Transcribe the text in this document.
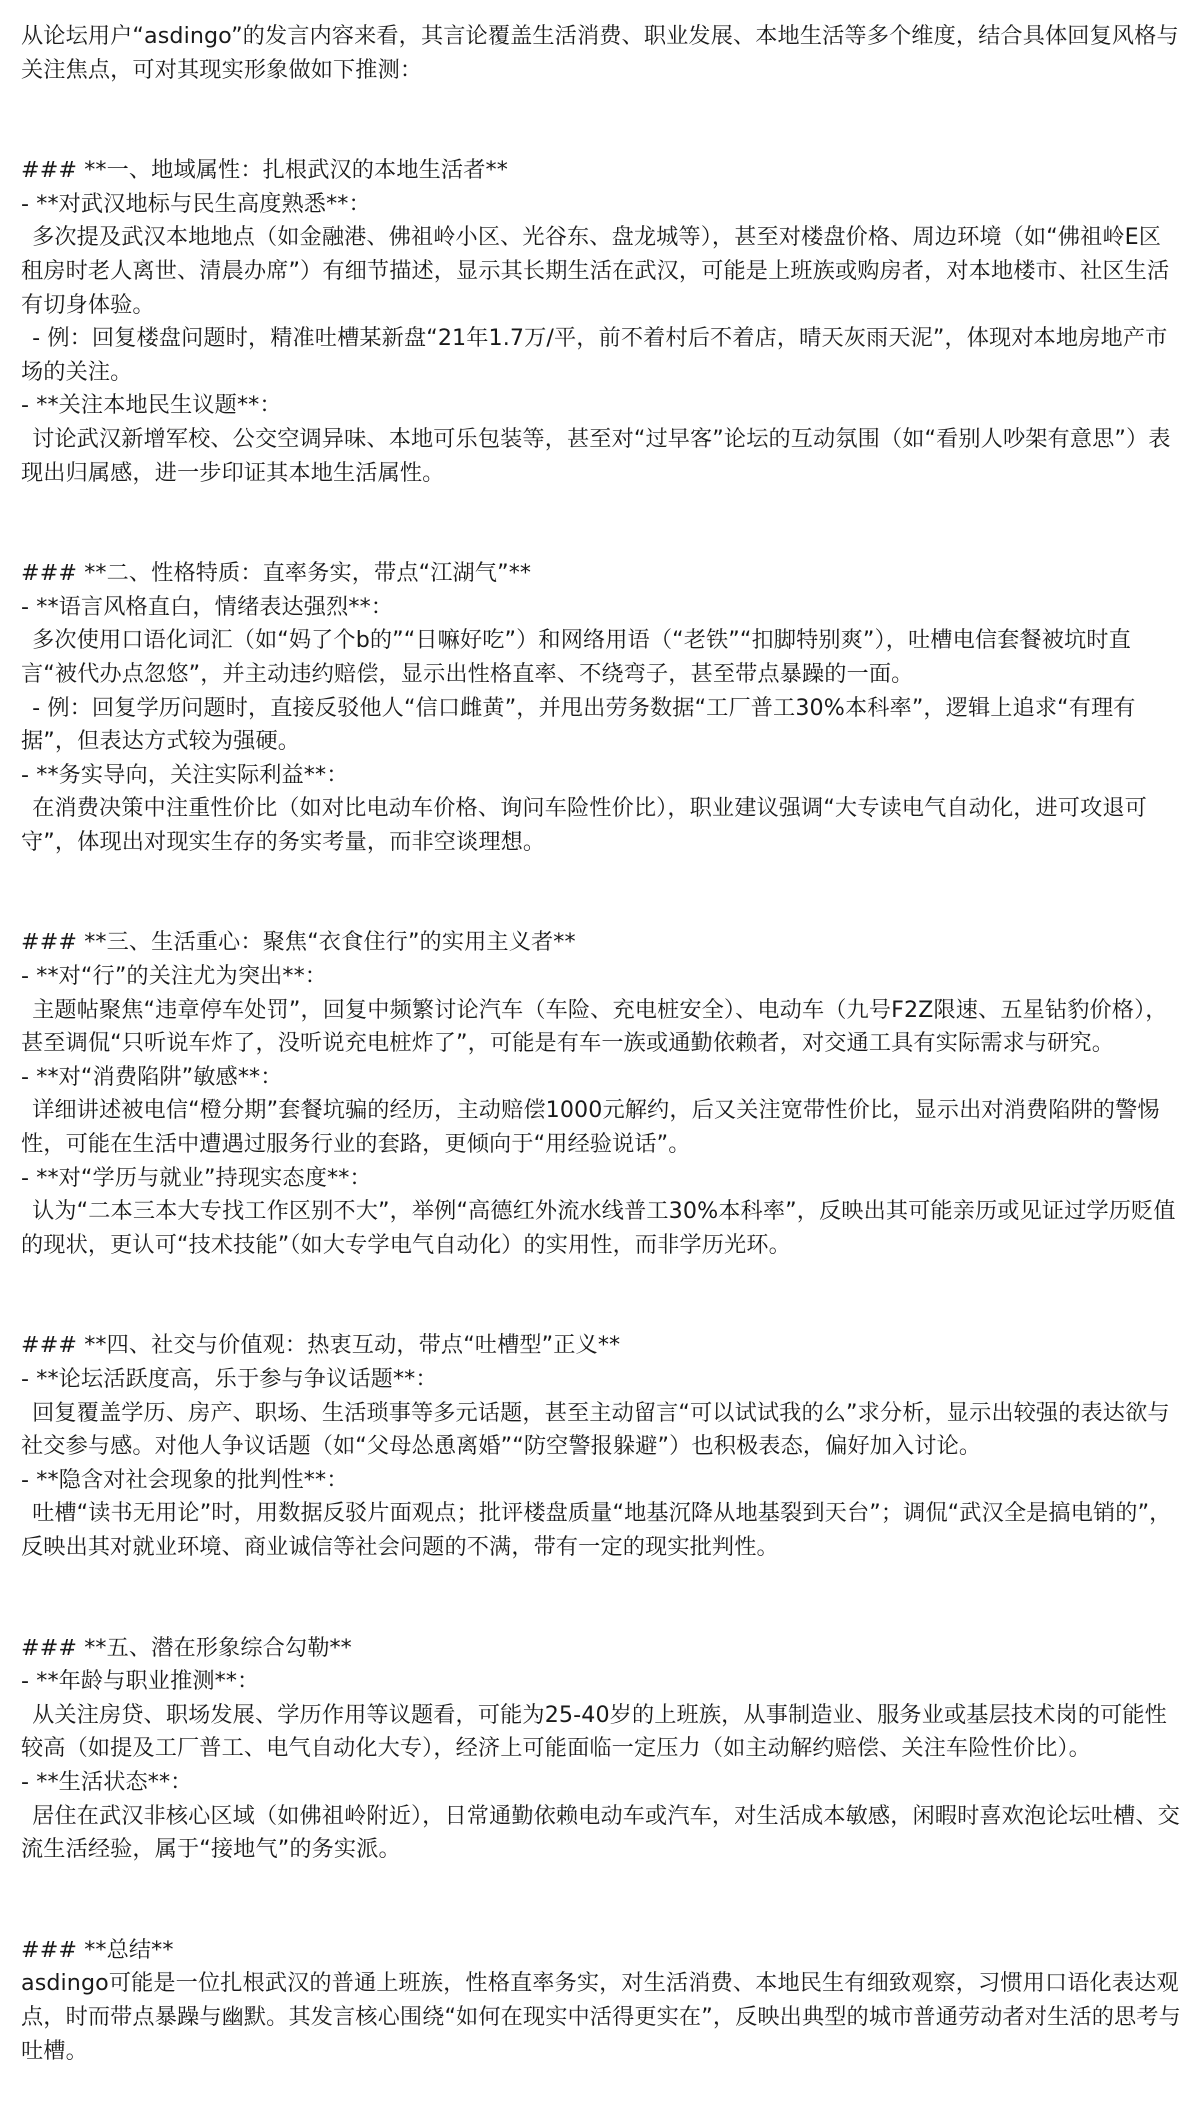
从论坛用户“asdingo”的发言内容来看，其言论覆盖生活消费、职业发展、本地生活等多个维度，结合具体回复风格与关注焦点，可对其现实形象做如下推测：

### **一、地域属性：扎根武汉的本地生活者**

- **对武汉地标与民生高度熟悉**：

多次提及武汉本地地点（如金融港、佛祖岭小区、光谷东、盘龙城等），甚至对楼盘价格、周边环境（如“佛祖岭E区租房时老人离世、清晨办席”）有细节描述，显示其长期生活在武汉，可能是上班族或购房者，对本地楼市、社区生活有切身体验。

- 例：回复楼盘问题时，精准吐槽某新盘“21年1.7万/平，前不着村后不着店，晴天灰雨天泥”，体现对本地房地产市场的关注。

- **关注本地民生议题**：

讨论武汉新增军校、公交空调异味、本地可乐包装等，甚至对“过早客”论坛的互动氛围（如“看别人吵架有意思”）表现出归属感，进一步印证其本地生活属性。

### **二、性格特质：直率务实，带点“江湖气”**

- **语言风格直白，情绪表达强烈**：

多次使用口语化词汇（如“妈了个b的”“日嘛好吃”）和网络用语（“老铁”“扣脚特别爽”），吐槽电信套餐被坑时直言“被代办点忽悠”，并主动违约赔偿，显示出性格直率、不绕弯子，甚至带点暴躁的一面。

- 例：回复学历问题时，直接反驳他人“信口雌黄”，并甩出劳务数据“工厂普工30%本科率”，逻辑上追求“有理有据”，但表达方式较为强硬。

- **务实导向，关注实际利益**：

在消费决策中注重性价比（如对比电动车价格、询问车险性价比），职业建议强调“大专读电气自动化，进可攻退可守”，体现出对现实生存的务实考量，而非空谈理想。

### **三、生活重心：聚焦“衣食住行”的实用主义者**

- **对“行”的关注尤为突出**：

主题帖聚焦“违章停车处罚”，回复中频繁讨论汽车（车险、充电桩安全）、电动车（九号F2Z限速、五星钻豹价格），甚至调侃“只听说车炸了，没听说充电桩炸了”，可能是有车一族或通勤依赖者，对交通工具有实际需求与研究。

- **对“消费陷阱”敏感**：

详细讲述被电信“橙分期”套餐坑骗的经历，主动赔偿1000元解约，后又关注宽带性价比，显示出对消费陷阱的警惕性，可能在生活中遭遇过服务行业的套路，更倾向于“用经验说话”。

- **对“学历与就业”持现实态度**：

认为“二本三本大专找工作区别不大”，举例“高德红外流水线普工30%本科率”，反映出其可能亲历或见证过学历贬值的现状，更认可“技术技能”（如大专学电气自动化）的实用性，而非学历光环。

### **四、社交与价值观：热衷互动，带点“吐槽型”正义**

- **论坛活跃度高，乐于参与争议话题**：

回复覆盖学历、房产、职场、生活琐事等多元话题，甚至主动留言“可以试试我的么”求分析，显示出较强的表达欲与社交参与感。对他人争议话题（如“父母怂恿离婚”“防空警报躲避”）也积极表态，偏好加入讨论。

- **隐含对社会现象的批判性**：

吐槽“读书无用论”时，用数据反驳片面观点；批评楼盘质量“地基沉降从地基裂到天台”；调侃“武汉全是搞电销的”，反映出其对就业环境、商业诚信等社会问题的不满，带有一定的现实批判性。

### **五、潜在形象综合勾勒**

- **年龄与职业推测**：

从关注房贷、职场发展、学历作用等议题看，可能为25-40岁的上班族，从事制造业、服务业或基层技术岗的可能性较高（如提及工厂普工、电气自动化大专），经济上可能面临一定压力（如主动解约赔偿、关注车险性价比）。

- **生活状态**：

居住在武汉非核心区域（如佛祖岭附近），日常通勤依赖电动车或汽车，对生活成本敏感，闲暇时喜欢泡论坛吐槽、交流生活经验，属于“接地气”的务实派。

### **总结**

asdingo可能是一位扎根武汉的普通上班族，性格直率务实，对生活消费、本地民生有细致观察，习惯用口语化表达观点，时而带点暴躁与幽默。其发言核心围绕“如何在现实中活得更实在”，反映出典型的城市普通劳动者对生活的思考与吐槽。
